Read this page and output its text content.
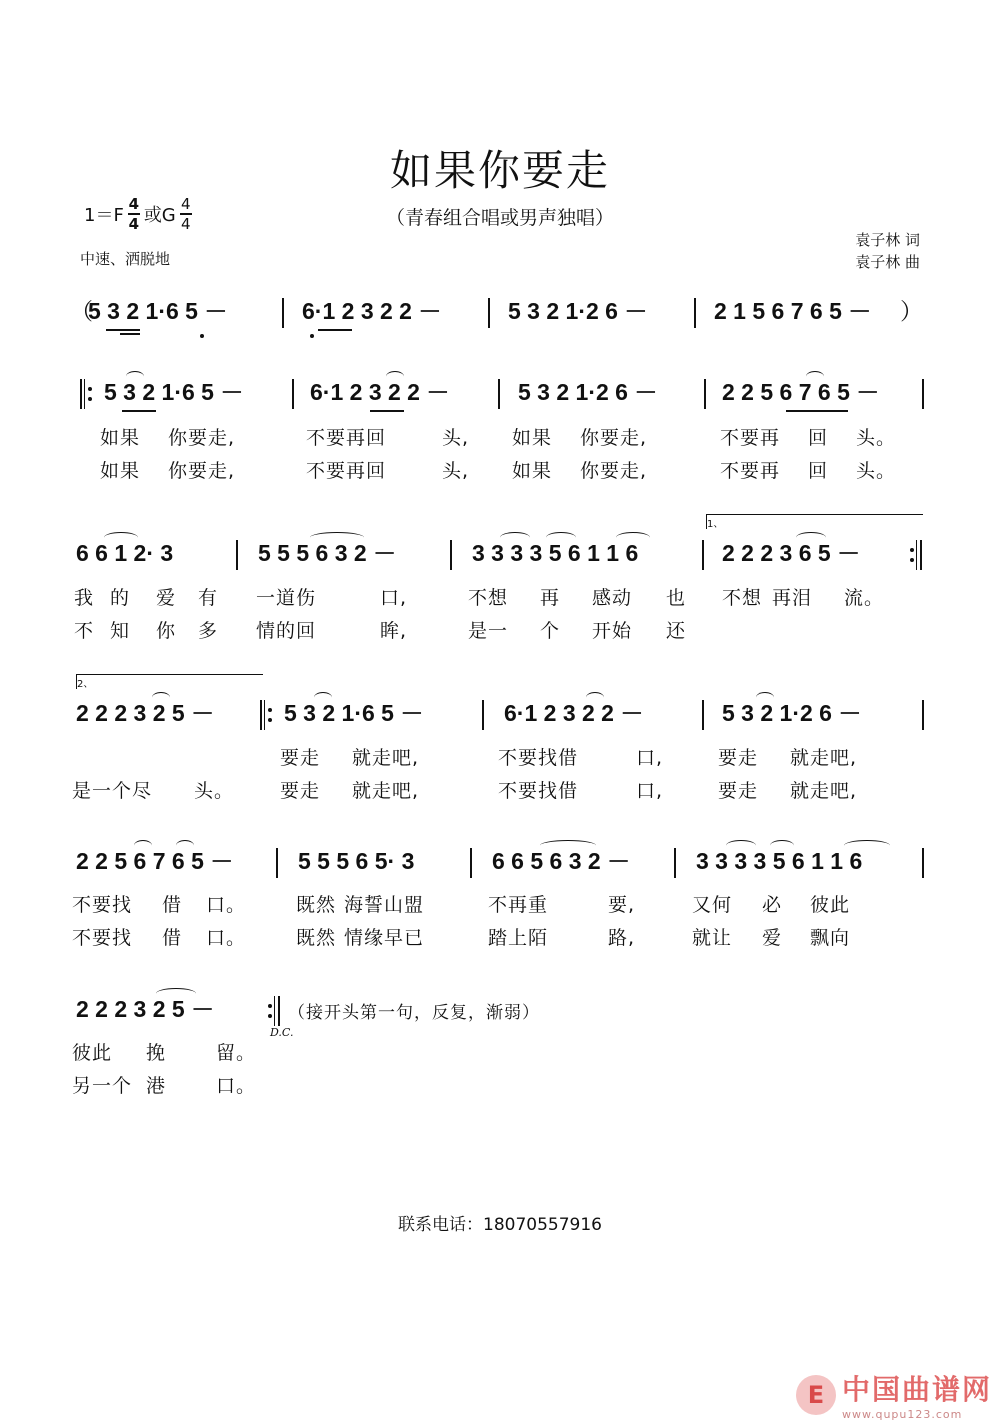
如果你要走
（青春组合唱或男声独唱）
$1=F \frac{4}{4}$ 或G $\frac{4}{4}$
中速、洒脱地
袁子林 词
袁子林 曲
（
5 3 2 1·6 5 －	6·1 2 3 2 2 －	5 3 2 1·2 6 －	2 1 5 6 7 6 5 － ）
5 3 2 1·6 5 －	6·1 2 3 2 2 －	5 3 2 1·2 6 －	2 2 5 6 7 6 5 －
如果 你要走,	不要再回	头, 如果 你要走,	不要再 回 头。
如果 你要走,	不要再回	头, 如果 你要走,	不要再 回 头。
1、
6 6 1 2· 3	5 5 5 6 3 2 －	3 3 3 3 5 6 1 1 6	2 2 2 3 6 5 －
我 的 爱 有 一道伤	口,	不想 再 感动 也 不想 再泪 流。
不 知 你 多 情的回	眸,	是一 个 开始 还
2、
2 2 2 3 2 5 －	5 3 2 1·6 5 －	6·1 2 3 2 2 －	5 3 2 1·2 6 －
要走 就走吧,	不要找借	口,	要走 就走吧,
是一个尽 头。 要走 就走吧,	不要找借	口,	要走 就走吧,
2 2 5 6 7 6 5 －	5 5 5 6 5· 3	6 6 5 6 3 2 －	3 3 3 3 5 6 1 1 6
不要找 借 口。	既然 海誓山盟	不再重	要,	又何 必 彼此
不要找 借 口。	既然 情缘早已	踏上陌	路,	就让 爱 飘向
2 2 2 3 2 5 －
D.C.
（接开头第一句，反复，渐弱）
彼此 挽	留。
另一个 港	口。
联系电话：18070557916
E 中国曲谱网
www.qupu123.com
